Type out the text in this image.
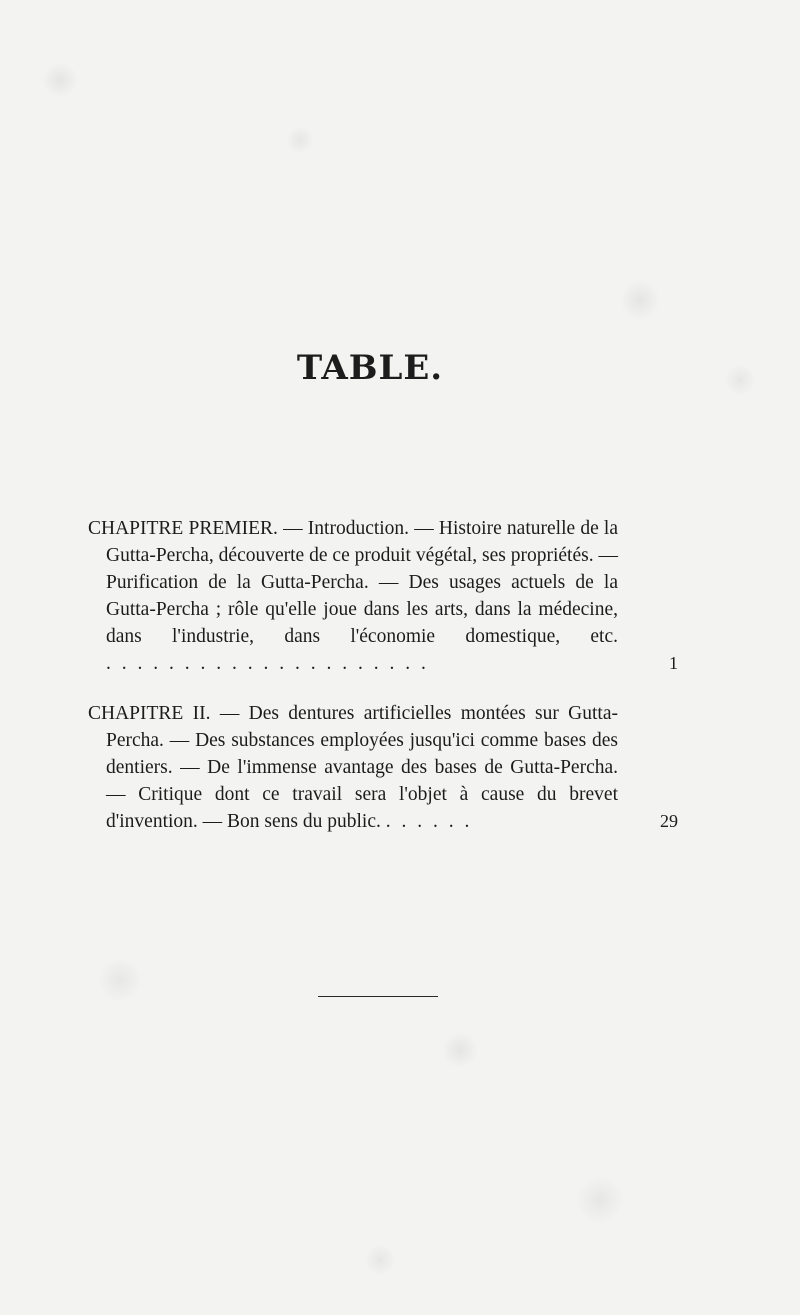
TABLE.
CHAPITRE PREMIER. — Introduction. — Histoire naturelle de la Gutta-Percha, découverte de ce produit végétal, ses propriétés. — Purification de la Gutta-Percha. — Des usages actuels de la Gutta-Percha ; rôle qu'elle joue dans les arts, dans la médecine, dans l'industrie, dans l'économie domestique, etc. . . . . . . . . . . . . . . . . . . . . .	1
CHAPITRE II. — Des dentures artificielles montées sur Gutta-Percha. — Des substances employées jusqu'ici comme bases des dentiers. — De l'immense avantage des bases de Gutta-Percha. — Critique dont ce travail sera l'objet à cause du brevet d'invention. — Bon sens du public. . . . . . .	29
